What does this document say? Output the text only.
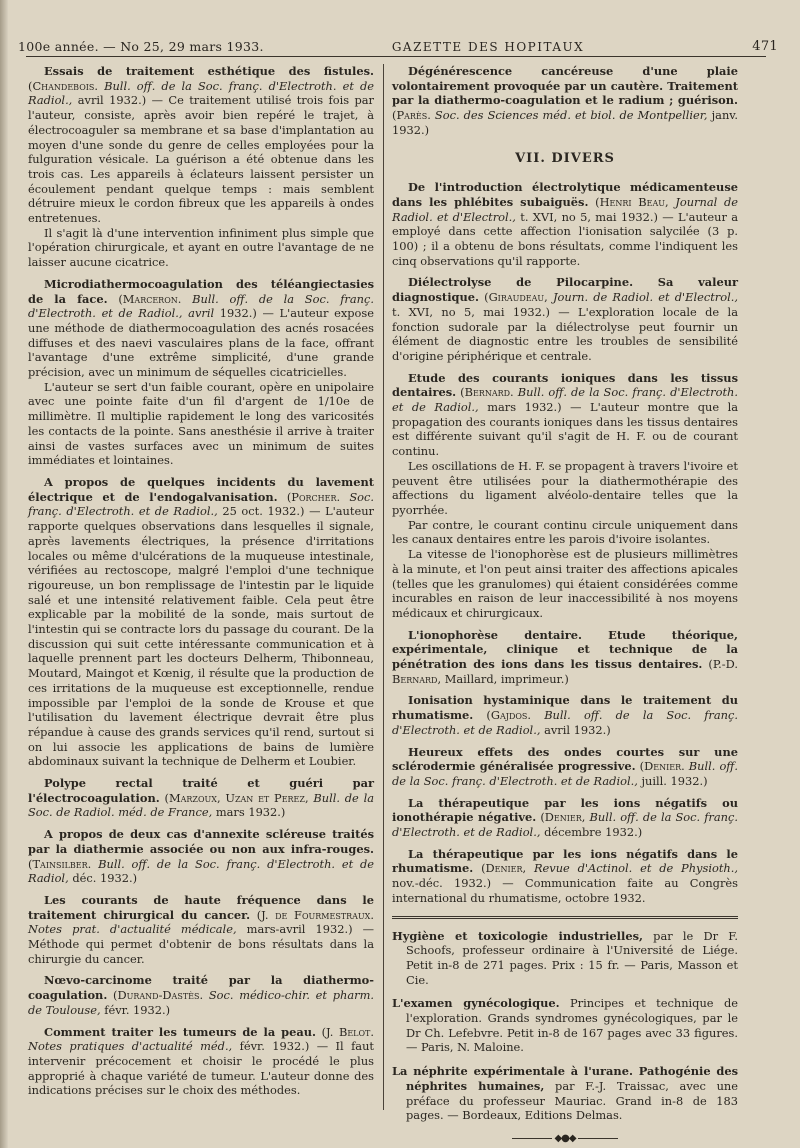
100e année. — No 25, 29 mars 1933.	GAZETTE DES HOPITAUX	471
Essais de traitement esthétique des fistules. (Chandebois. Bull. off. de la Soc. franç. d'Electroth. et de Radiol., avril 1932.) — Ce traitement utilisé trois fois par l'auteur, consiste, après avoir bien repéré le trajet, à électrocoaguler sa membrane et sa base d'implantation au moyen d'une sonde du genre de celles employées pour la fulguration vésicale. La guérison a été obtenue dans les trois cas. Les appareils à éclateurs laissent persister un écoulement pendant quelque temps : mais semblent détruire mieux le cordon fibreux que les appareils à ondes entretenues.

Il s'agit là d'une intervention infiniment plus simple que l'opération chirurgicale, et ayant en outre l'avantage de ne laisser aucune cicatrice.

Microdiathermocoagulation des téléangiectasies de la face. (Marceron. Bull. off. de la Soc. franç. d'Electroth. et de Radiol., avril 1932.) — L'auteur expose une méthode de diathermocoagulation des acnés rosacées diffuses et des naevi vasculaires plans de la face, offrant l'avantage d'une extrême simplicité, d'une grande précision, avec un minimum de séquelles cicatricielles.

L'auteur se sert d'un faible courant, opère en unipolaire avec une pointe faite d'un fil d'argent de 1/10e de millimètre. Il multiplie rapidement le long des varicosités les contacts de la pointe. Sans anesthésie il arrive à traiter ainsi de vastes surfaces avec un minimum de suites immédiates et lointaines.

A propos de quelques incidents du lavement électrique et de l'endogalvanisation. (Porcher. Soc. franç. d'Electroth. et de Radiol., 25 oct. 1932.) — L'auteur rapporte quelques observations dans lesquelles il signale, après lavements électriques, la présence d'irritations locales ou même d'ulcérations de la muqueuse intestinale, vérifiées au rectoscope, malgré l'emploi d'une technique rigoureuse, un bon remplissage de l'intestin par le liquide salé et une intensité relativement faible. Cela peut être explicable par la mobilité de la sonde, mais surtout de l'intestin qui se contracte lors du passage du courant. De la discussion qui suit cette intéressante communication et à laquelle prennent part les docteurs Delherm, Thibonneau, Moutard, Maingot et Kœnig, il résulte que la production de ces irritations de la muqueuse est exceptionnelle, rendue impossible par l'emploi de la sonde de Krouse et que l'utilisation du lavement électrique devrait être plus répandue à cause des grands services qu'il rend, surtout si on lui associe les applications de bains de lumière abdominaux suivant la technique de Delherm et Loubier.
Polype rectal traité et guéri par l'électrocoagulation. (Marzoux, Uzan et Perez, Bull. de la Soc. de Radiol. méd. de France, mars 1932.)
A propos de deux cas d'annexite scléreuse traités par la diathermie associée ou non aux infra-rouges. (Tainsilber. Bull. off. de la Soc. franç. d'Electroth. et de Radiol, déc. 1932.)
Les courants de haute fréquence dans le traitement chirurgical du cancer. (J. de Fourmestraux. Notes prat. d'actualité médicale, mars-avril 1932.) — Méthode qui permet d'obtenir de bons résultats dans la chirurgie du cancer.
Nœvo-carcinome traité par la diathermo-coagulation. (Durand-Dastès. Soc. médico-chir. et pharm. de Toulouse, févr. 1932.)
Comment traiter les tumeurs de la peau. (J. Belot. Notes pratiques d'actualité méd., févr. 1932.) — Il faut intervenir précocement et choisir le procédé le plus approprié à chaque variété de tumeur. L'auteur donne des indications précises sur le choix des méthodes.
Dégénérescence cancéreuse d'une plaie volontairement provoquée par un cautère. Traitement par la diathermo-coagulation et le radium ; guérison. (Parès. Soc. des Sciences méd. et biol. de Montpellier, janv. 1932.)
VII. DIVERS
De l'introduction électrolytique médicamenteuse dans les phlébites subaiguës. (Henri Beau, Journal de Radiol. et d'Electrol., t. XVI, no 5, mai 1932.) — L'auteur a employé dans cette affection l'ionisation salycilée (3 p. 100) ; il a obtenu de bons résultats, comme l'indiquent les cinq observations qu'il rapporte.
Diélectrolyse de Pilocarpine. Sa valeur diagnostique. (Giraudeau, Journ. de Radiol. et d'Electrol., t. XVI, no 5, mai 1932.) — L'exploration locale de la fonction sudorale par la diélectrolyse peut fournir un élément de diagnostic entre les troubles de sensibilité d'origine périphérique et centrale.
Etude des courants ioniques dans les tissus dentaires. (Bernard. Bull. off. de la Soc. franç. d'Electroth. et de Radiol., mars 1932.) — L'auteur montre que la propagation des courants ioniques dans les tissus dentaires est différente suivant qu'il s'agit de H. F. ou de courant continu.

Les oscillations de H. F. se propagent à travers l'ivoire et peuvent être utilisées pour la diathermothérapie des affections du ligament alvéolo-dentaire telles que la pyorrhée.

Par contre, le courant continu circule uniquement dans les canaux dentaires entre les parois d'ivoire isolantes.

La vitesse de l'ionophorèse est de plusieurs millimètres à la minute, et l'on peut ainsi traiter des affections apicales (telles que les granulomes) qui étaient considérées comme incurables en raison de leur inaccessibilité à nos moyens médicaux et chirurgicaux.

L'ionophorèse dentaire. Etude théorique, expérimentale, clinique et technique de la pénétration des ions dans les tissus dentaires. (P.-D. Bernard, Maillard, imprimeur.)
Ionisation hystaminique dans le traitement du rhumatisme. (Gajdos. Bull. off. de la Soc. franç. d'Electroth. et de Radiol., avril 1932.)
Heureux effets des ondes courtes sur une sclérodermie généralisée progressive. (Denier. Bull. off. de la Soc. franç. d'Electroth. et de Radiol., juill. 1932.)
La thérapeutique par les ions négatifs ou ionothérapie négative. (Denier, Bull. off. de la Soc. franç. d'Electroth. et de Radiol., décembre 1932.)
La thérapeutique par les ions négatifs dans le rhumatisme. (Denier, Revue d'Actinol. et de Physioth., nov.-déc. 1932.) — Communication faite au Congrès international du rhumatisme, octobre 1932.
Hygiène et toxicologie industrielles, par le Dr F. Schoofs, professeur ordinaire à l'Université de Liége. Petit in-8 de 271 pages. Prix : 15 fr. — Paris, Masson et Cie.
L'examen gynécologique. Principes et technique de l'exploration. Grands syndromes gynécologiques, par le Dr Ch. Lefebvre. Petit in-8 de 167 pages avec 33 figures. — Paris, N. Maloine.
La néphrite expérimentale à l'urane. Pathogénie des néphrites humaines, par F.-J. Traissac, avec une préface du professeur Mauriac. Grand in-8 de 183 pages. — Bordeaux, Editions Delmas.
◆●◆
